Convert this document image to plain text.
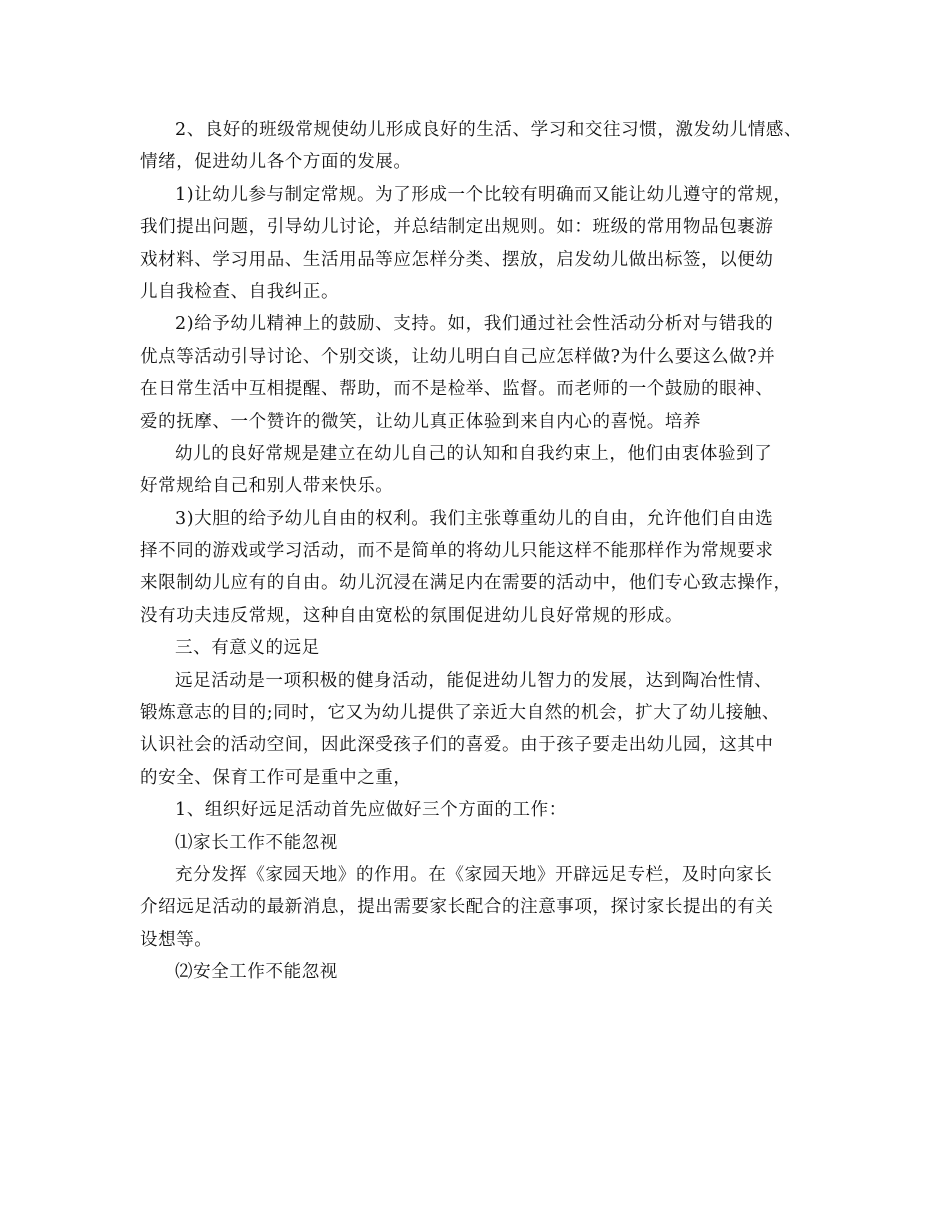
2、良好的班级常规使幼儿形成良好的生活、学习和交往习惯，激发幼儿情感、
情绪，促进幼儿各个方面的发展。

1)让幼儿参与制定常规。为了形成一个比较有明确而又能让幼儿遵守的常规，
我们提出问题，引导幼儿讨论，并总结制定出规则。如：班级的常用物品包裹游
戏材料、学习用品、生活用品等应怎样分类、摆放，启发幼儿做出标签，以便幼
儿自我检查、自我纠正。

2)给予幼儿精神上的鼓励、支持。如，我们通过社会性活动分析对与错我的
优点等活动引导讨论、个别交谈，让幼儿明白自己应怎样做?为什么要这么做?并
在日常生活中互相提醒、帮助，而不是检举、监督。而老师的一个鼓励的眼神、
爱的抚摩、一个赞许的微笑，让幼儿真正体验到来自内心的喜悦。培养

幼儿的良好常规是建立在幼儿自己的认知和自我约束上，他们由衷体验到了
好常规给自己和别人带来快乐。

3)大胆的给予幼儿自由的权利。我们主张尊重幼儿的自由，允许他们自由选
择不同的游戏或学习活动，而不是简单的将幼儿只能这样不能那样作为常规要求
来限制幼儿应有的自由。幼儿沉浸在满足内在需要的活动中，他们专心致志操作，
没有功夫违反常规，这种自由宽松的氛围促进幼儿良好常规的形成。

三、有意义的远足

远足活动是一项积极的健身活动，能促进幼儿智力的发展，达到陶冶性情、
锻炼意志的目的;同时，它又为幼儿提供了亲近大自然的机会，扩大了幼儿接触、
认识社会的活动空间，因此深受孩子们的喜爱。由于孩子要走出幼儿园，这其中
的安全、保育工作可是重中之重，

1、组织好远足活动首先应做好三个方面的工作：

⑴家长工作不能忽视

充分发挥《家园天地》的作用。在《家园天地》开辟远足专栏，及时向家长
介绍远足活动的最新消息，提出需要家长配合的注意事项，探讨家长提出的有关
设想等。

⑵安全工作不能忽视
